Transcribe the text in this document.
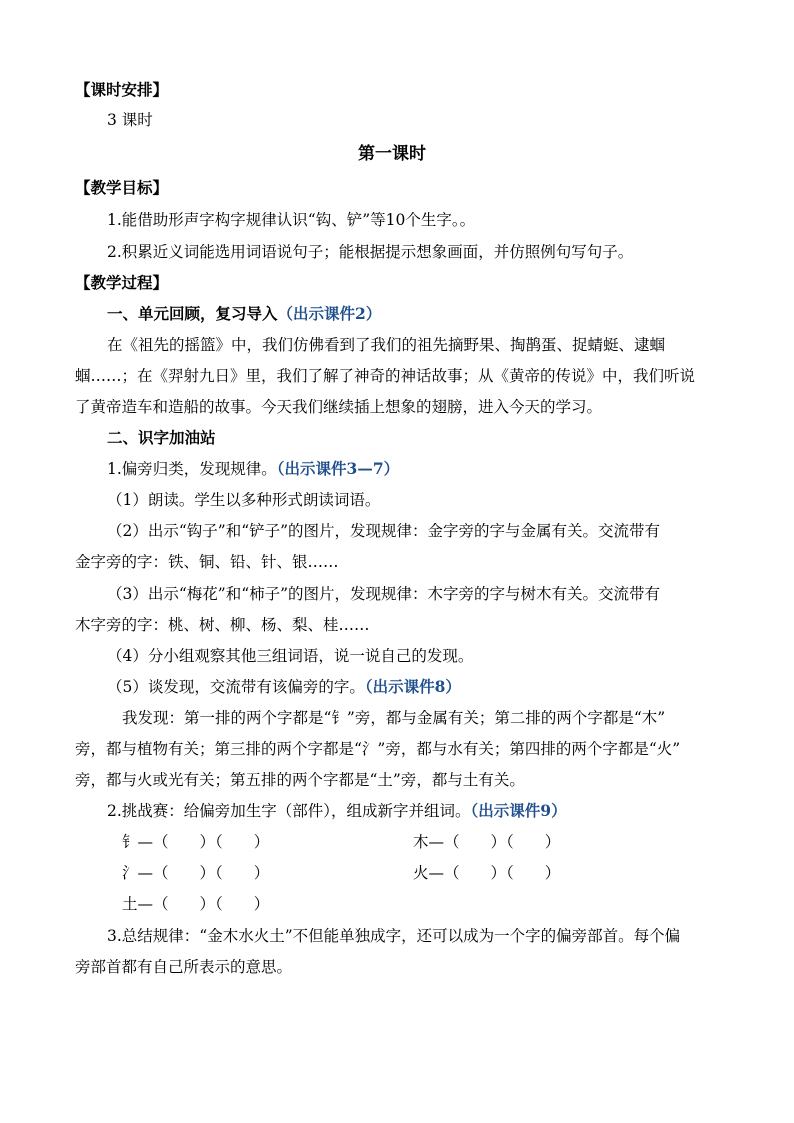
【课时安排】
3 课时
第一课时
【教学目标】
1.能借助形声字构字规律认识“钩、铲”等10个生字。。
2.积累近义词能选用词语说句子；能根据提示想象画面，并仿照例句写句子。
【教学过程】
一、单元回顾，复习导入（出示课件2）
在《祖先的摇篮》中，我们仿佛看到了我们的祖先摘野果、掏鹊蛋、捉蜻蜓、逮蝈
蝈……；在《羿射九日》里，我们了解了神奇的神话故事；从《黄帝的传说》中，我们听说
了黄帝造车和造船的故事。今天我们继续插上想象的翅膀，进入今天的学习。
二、识字加油站
1.偏旁归类，发现规律。（出示课件3—7）
（1）朗读。学生以多种形式朗读词语。
（2）出示“钩子”和“铲子”的图片，发现规律：金字旁的字与金属有关。交流带有
金字旁的字：铁、铜、铅、针、银……
（3）出示“梅花”和“柿子”的图片，发现规律：木字旁的字与树木有关。交流带有
木字旁的字：桃、树、柳、杨、梨、桂……
（4）分小组观察其他三组词语，说一说自己的发现。
（5）谈发现，交流带有该偏旁的字。（出示课件8）
我发现：第一排的两个字都是“钅”旁，都与金属有关；第二排的两个字都是“木”
旁，都与植物有关；第三排的两个字都是“氵”旁，都与水有关；第四排的两个字都是“火”
旁，都与火或光有关；第五排的两个字都是“土”旁，都与土有关。
2.挑战赛：给偏旁加生字（部件），组成新字并组词。（出示课件9）
钅—（　　）（　　）	木—（　　）（　　）
氵—（　　）（　　）	火—（　　）（　　）
土—（　　）（　　）
3.总结规律：“金木水火土”不但能单独成字，还可以成为一个字的偏旁部首。每个偏
旁部首都有自己所表示的意思。
